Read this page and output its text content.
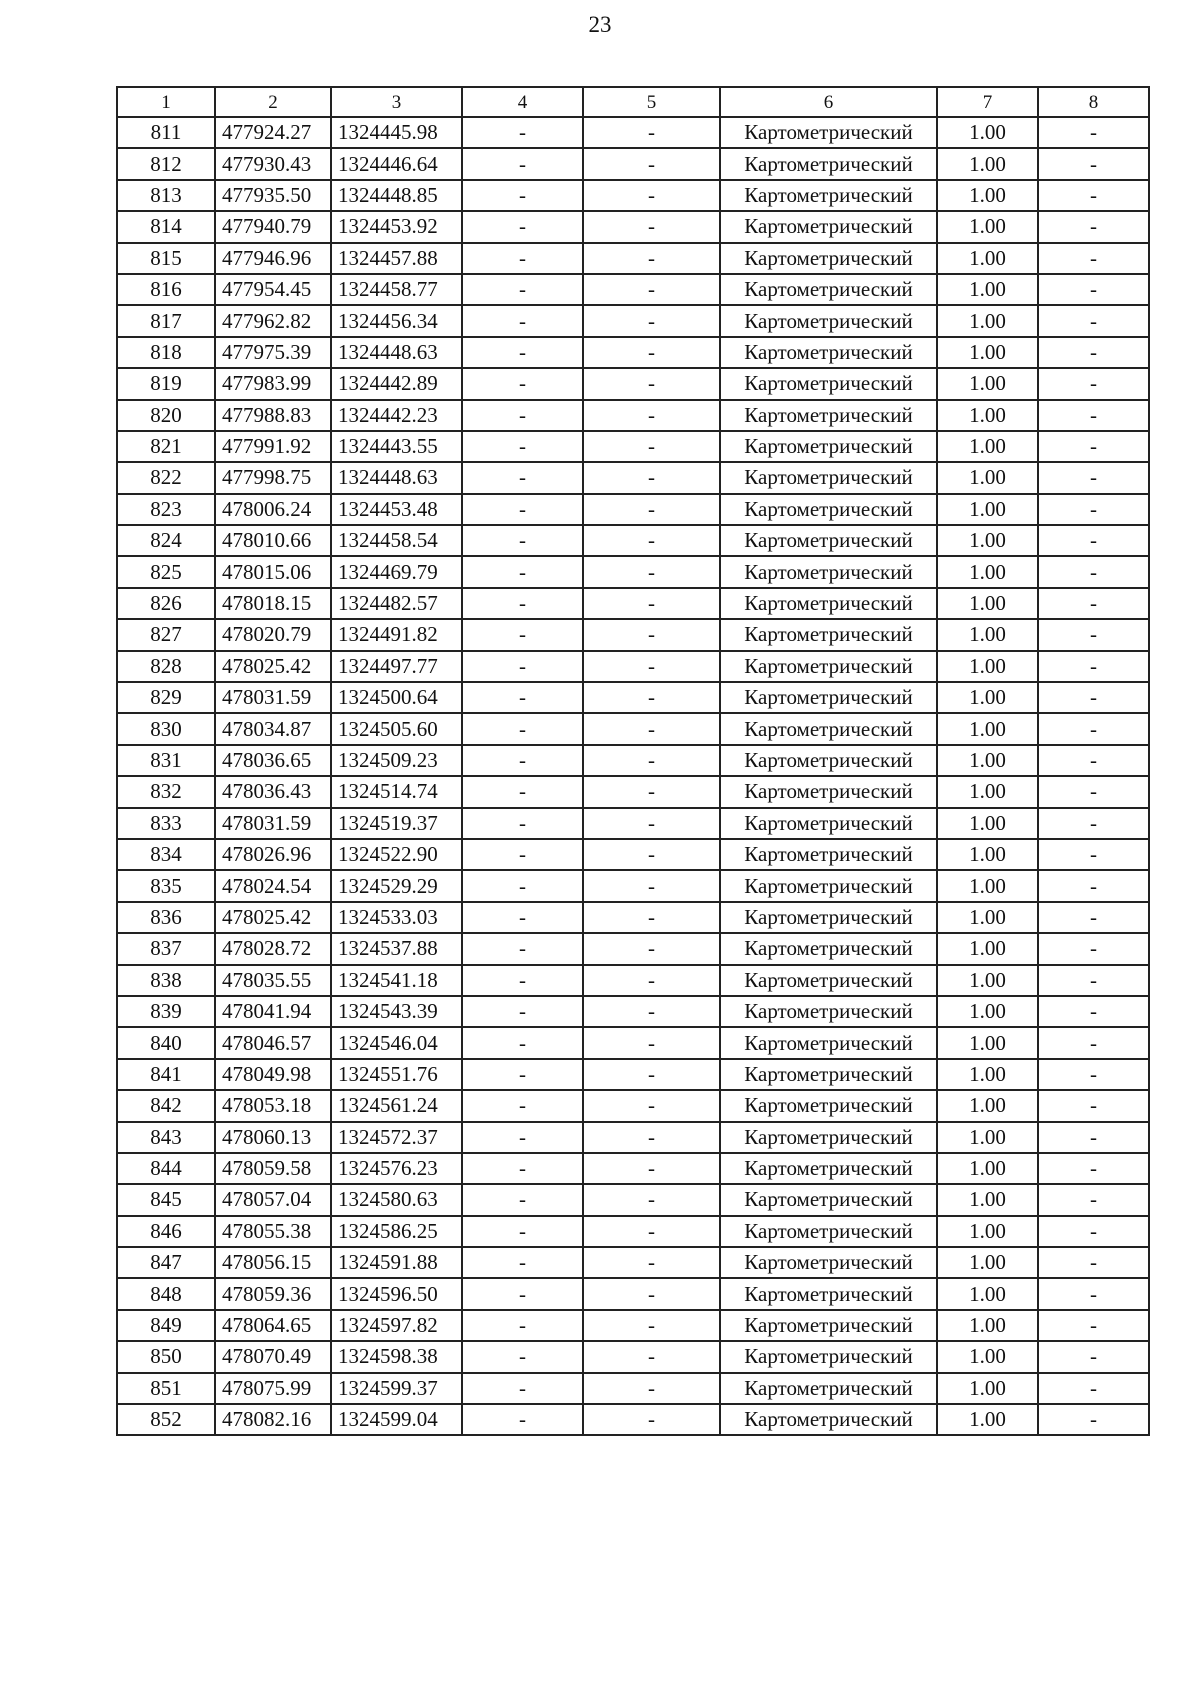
23
1	2	3	4	5	6	7	8
811	477924.27	1324445.98	-	-	Картометрический	1.00	-
812	477930.43	1324446.64	-	-	Картометрический	1.00	-
813	477935.50	1324448.85	-	-	Картометрический	1.00	-
814	477940.79	1324453.92	-	-	Картометрический	1.00	-
815	477946.96	1324457.88	-	-	Картометрический	1.00	-
816	477954.45	1324458.77	-	-	Картометрический	1.00	-
817	477962.82	1324456.34	-	-	Картометрический	1.00	-
818	477975.39	1324448.63	-	-	Картометрический	1.00	-
819	477983.99	1324442.89	-	-	Картометрический	1.00	-
820	477988.83	1324442.23	-	-	Картометрический	1.00	-
821	477991.92	1324443.55	-	-	Картометрический	1.00	-
822	477998.75	1324448.63	-	-	Картометрический	1.00	-
823	478006.24	1324453.48	-	-	Картометрический	1.00	-
824	478010.66	1324458.54	-	-	Картометрический	1.00	-
825	478015.06	1324469.79	-	-	Картометрический	1.00	-
826	478018.15	1324482.57	-	-	Картометрический	1.00	-
827	478020.79	1324491.82	-	-	Картометрический	1.00	-
828	478025.42	1324497.77	-	-	Картометрический	1.00	-
829	478031.59	1324500.64	-	-	Картометрический	1.00	-
830	478034.87	1324505.60	-	-	Картометрический	1.00	-
831	478036.65	1324509.23	-	-	Картометрический	1.00	-
832	478036.43	1324514.74	-	-	Картометрический	1.00	-
833	478031.59	1324519.37	-	-	Картометрический	1.00	-
834	478026.96	1324522.90	-	-	Картометрический	1.00	-
835	478024.54	1324529.29	-	-	Картометрический	1.00	-
836	478025.42	1324533.03	-	-	Картометрический	1.00	-
837	478028.72	1324537.88	-	-	Картометрический	1.00	-
838	478035.55	1324541.18	-	-	Картометрический	1.00	-
839	478041.94	1324543.39	-	-	Картометрический	1.00	-
840	478046.57	1324546.04	-	-	Картометрический	1.00	-
841	478049.98	1324551.76	-	-	Картометрический	1.00	-
842	478053.18	1324561.24	-	-	Картометрический	1.00	-
843	478060.13	1324572.37	-	-	Картометрический	1.00	-
844	478059.58	1324576.23	-	-	Картометрический	1.00	-
845	478057.04	1324580.63	-	-	Картометрический	1.00	-
846	478055.38	1324586.25	-	-	Картометрический	1.00	-
847	478056.15	1324591.88	-	-	Картометрический	1.00	-
848	478059.36	1324596.50	-	-	Картометрический	1.00	-
849	478064.65	1324597.82	-	-	Картометрический	1.00	-
850	478070.49	1324598.38	-	-	Картометрический	1.00	-
851	478075.99	1324599.37	-	-	Картометрический	1.00	-
852	478082.16	1324599.04	-	-	Картометрический	1.00	-
